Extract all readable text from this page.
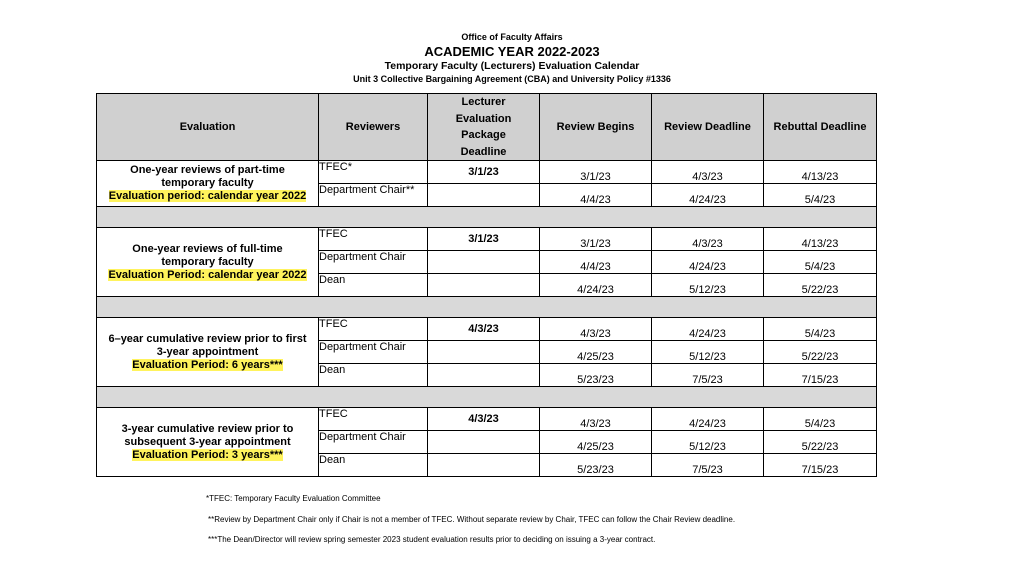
Office of Faculty Affairs
ACADEMIC YEAR 2022-2023
Temporary Faculty (Lecturers) Evaluation Calendar
Unit 3 Collective Bargaining Agreement (CBA) and University Policy #1336
Evaluation	Reviewers	Lecturer
Evaluation
Package
Deadline	Review Begins	Review Deadline	Rebuttal Deadline
One-year reviews of part-time
temporary faculty
Evaluation period: calendar year 2022	TFEC*	3/1/23	3/1/23	4/3/23	4/13/23
	Department Chair**		4/4/23	4/24/23	5/4/23

One-year reviews of full-time
temporary faculty
Evaluation Period: calendar year 2022	TFEC	3/1/23	3/1/23	4/3/23	4/13/23
	Department Chair		4/4/23	4/24/23	5/4/23
	Dean		4/24/23	5/12/23	5/22/23

6–year cumulative review prior to first
3-year appointment
Evaluation Period: 6 years***	TFEC	4/3/23	4/3/23	4/24/23	5/4/23
	Department Chair		4/25/23	5/12/23	5/22/23
	Dean		5/23/23	7/5/23	7/15/23

3-year cumulative review prior to
subsequent 3-year appointment
Evaluation Period: 3 years***	TFEC	4/3/23	4/3/23	4/24/23	5/4/23
	Department Chair		4/25/23	5/12/23	5/22/23
	Dean		5/23/23	7/5/23	7/15/23
*TFEC: Temporary Faculty Evaluation Committee
**Review by Department Chair only if Chair is not a member of TFEC. Without separate review by Chair, TFEC can follow the Chair Review deadline.
***The Dean/Director will review spring semester 2023 student evaluation results prior to deciding on issuing a 3-year contract.
